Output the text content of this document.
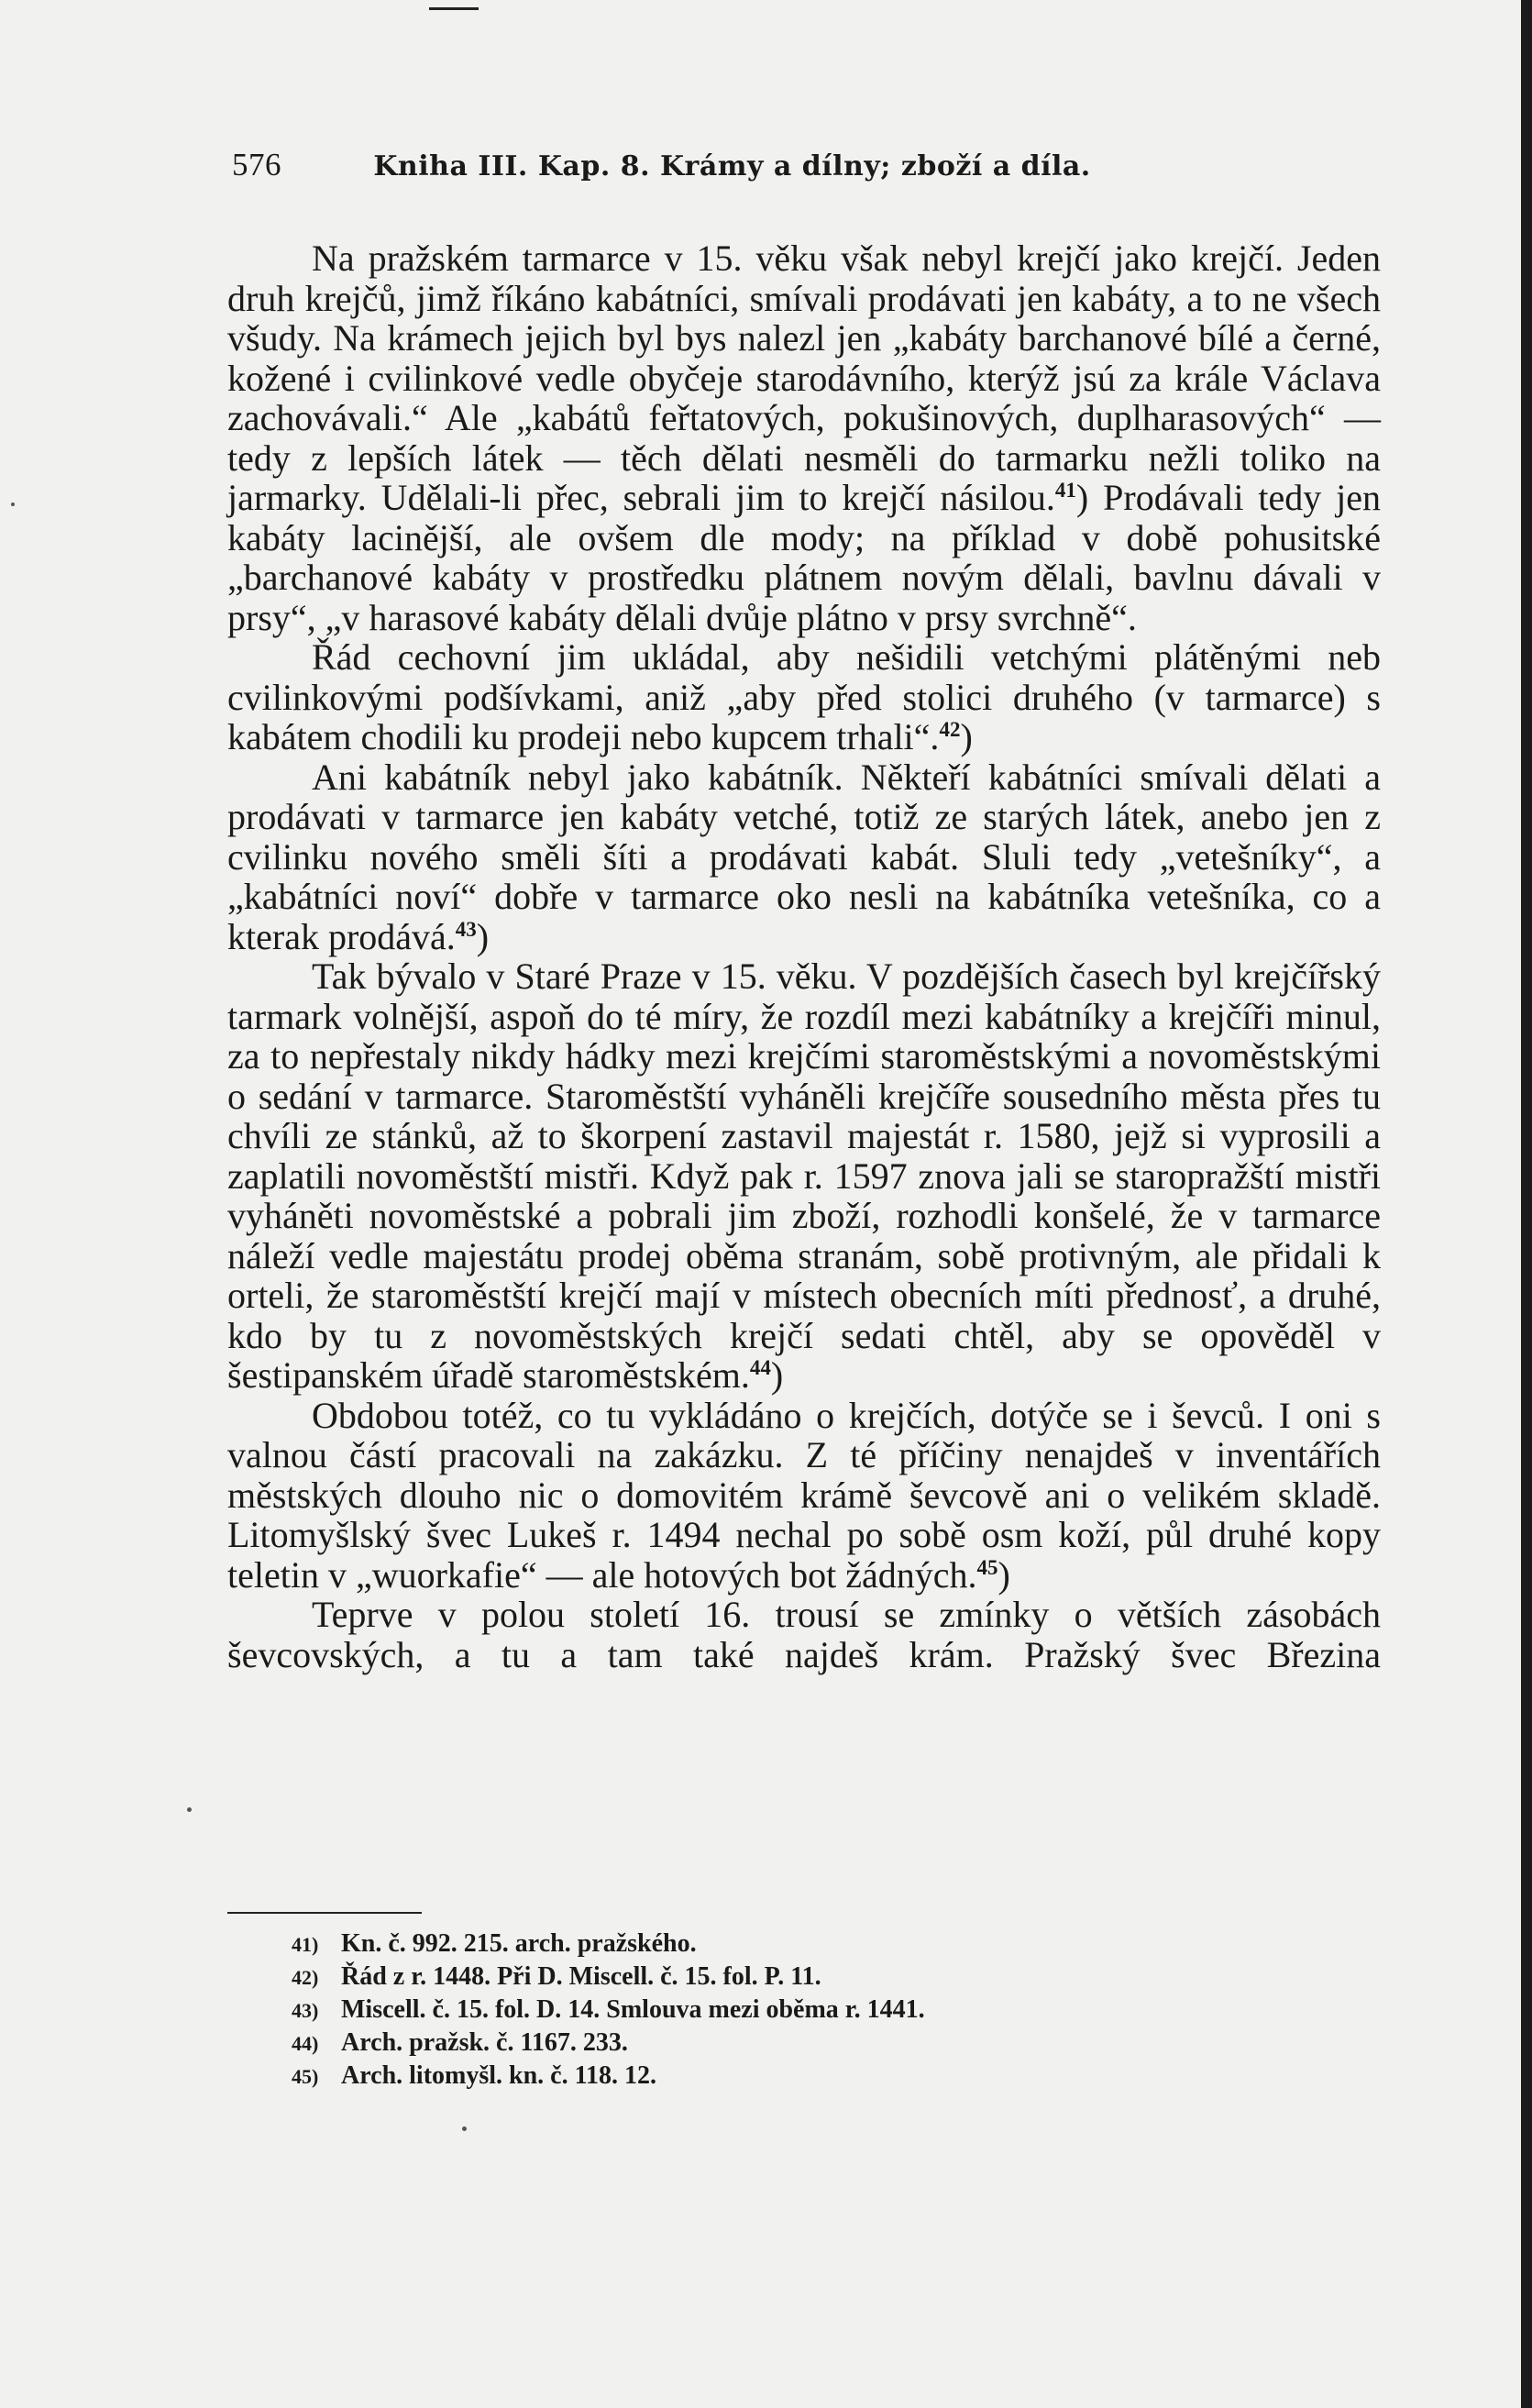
576	Kniha III. Kap. 8. Krámy a dílny; zboží a díla.

Na pražském tarmarce v 15. věku však nebyl krejčí jako krejčí. Jeden druh krejčů, jimž říkáno kabátníci, smívali prodávati jen kabáty, a to ne všech všudy. Na krámech jejich byl bys nalezl jen „kabáty barchanové bílé a černé, kožené i cvilinkové vedle obyčeje starodávního, kterýž jsú za krále Václava zachovávali.“ Ale „kabátů feřtatových, pokušinových, duplharasových“ — tedy z lepších látek — těch dělati nesměli do tarmarku nežli toliko na jarmarky. Udělali-li přec, sebrali jim to krejčí násilou.$^{41}$) Prodávali tedy jen kabáty lacinější, ale ovšem dle mody; na příklad v době pohusitské „barchanové kabáty v prostředku plátnem novým dělali, bavlnu dávali v prsy“, „v harasové kabáty dělali dvůje plátno v prsy svrchně“.

Řád cechovní jim ukládal, aby nešidili vetchými plátěnými neb cvilinkovými podšívkami, aniž „aby před stolici druhého (v tarmarce) s kabátem chodili ku prodeji nebo kupcem trhali“.$^{42}$)

Ani kabátník nebyl jako kabátník. Někteří kabátníci smívali dělati a prodávati v tarmarce jen kabáty vetché, totiž ze starých látek, anebo jen z cvilinku nového směli šíti a prodávati kabát. Sluli tedy „vetešníky“, a „kabátníci noví“ dobře v tarmarce oko nesli na kabátníka vetešníka, co a kterak prodává.$^{43}$)

Tak bývalo v Staré Praze v 15. věku. V pozdějších časech byl krejčířský tarmark volnější, aspoň do té míry, že rozdíl mezi kabátníky a krejčíři minul, za to nepřestaly nikdy hádky mezi krejčími staroměstskými a novoměstskými o sedání v tarmarce. Staroměstští vyháněli krejčíře sousedního města přes tu chvíli ze stánků, až to škorpení zastavil majestát r. 1580, jejž si vyprosili a zaplatili novoměstští mistři. Když pak r. 1597 znova jali se staropražští mistři vyháněti novoměstské a pobrali jim zboží, rozhodli konšelé, že v tarmarce náleží vedle majestátu prodej oběma stranám, sobě protivným, ale přidali k orteli, že staroměstští krejčí mají v místech obecních míti přednosť, a druhé, kdo by tu z novoměstských krejčí sedati chtěl, aby se opověděl v šestipanském úřadě staroměstském.$^{44}$)

Obdobou totéž, co tu vykládáno o krejčích, dotýče se i ševců. I oni s valnou částí pracovali na zakázku. Z té příčiny nenajdeš v inventářích městských dlouho nic o domovitém krámě ševcově ani o velikém skladě. Litomyšlský švec Lukeš r. 1494 nechal po sobě osm koží, půl druhé kopy teletin v „wuorkafie“ — ale hotových bot žádných.$^{45}$)

Teprve v polou století 16. trousí se zmínky o větších zásobách ševcovských, a tu a tam také najdeš krám. Pražský švec Březina

41) Kn. č. 992. 215. arch. pražského.
42) Řád z r. 1448. Při D. Miscell. č. 15. fol. P. 11.
43) Miscell. č. 15. fol. D. 14. Smlouva mezi oběma r. 1441.
44) Arch. pražsk. č. 1167. 233.
45) Arch. litomyšl. kn. č. 118. 12.
